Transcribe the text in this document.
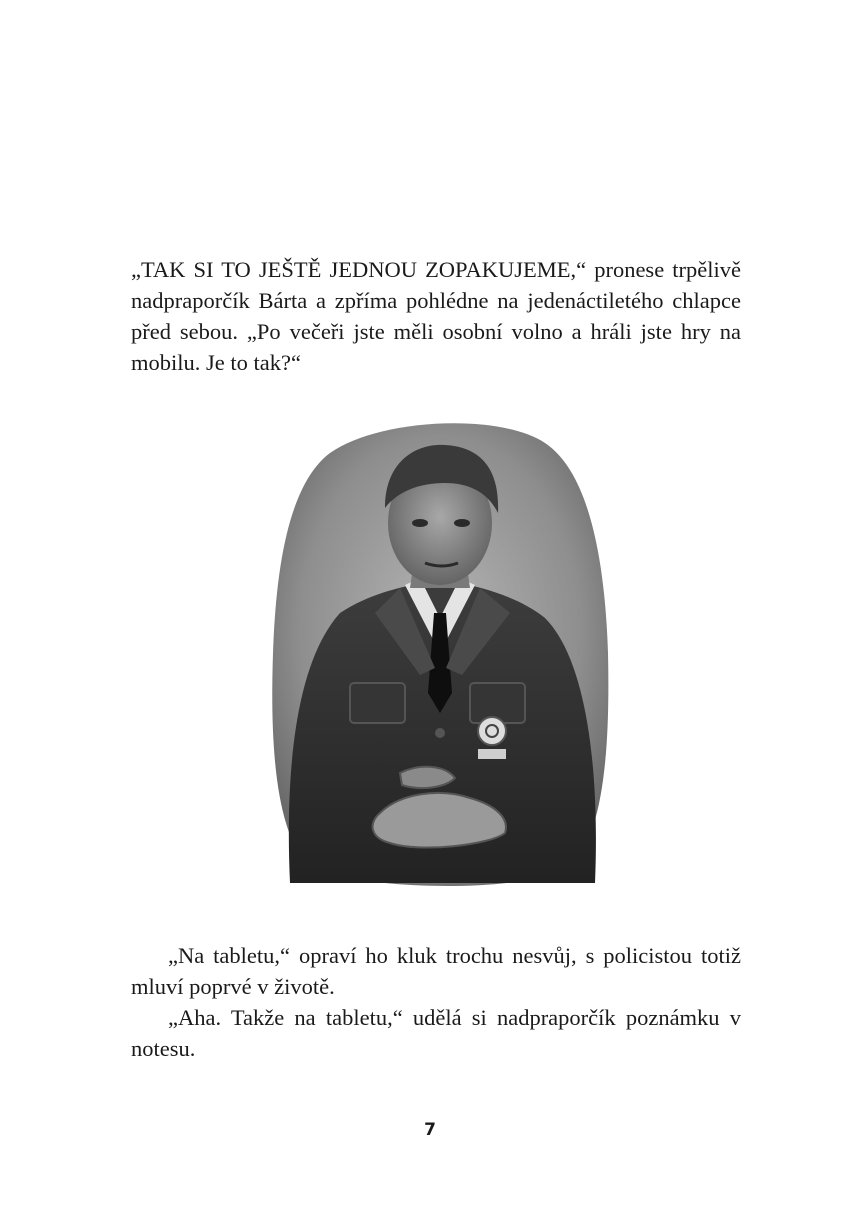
„TAK SI TO JEŠTĚ JEDNOU ZOPAKUJEME,“ pronese trpělivě nadpraporčík Bárta a zpříma pohlédne na jedenáctiletého chlapce před sebou. „Po večeři jste měli osobní volno a hráli jste hry na mobilu. Je to tak?“

„Na tabletu,“ opraví ho kluk trochu nesvůj, s policistou totiž mluví poprvé v životě.

„Aha. Takže na tabletu,“ udělá si nadpraporčík poznámku v notesu.

7
